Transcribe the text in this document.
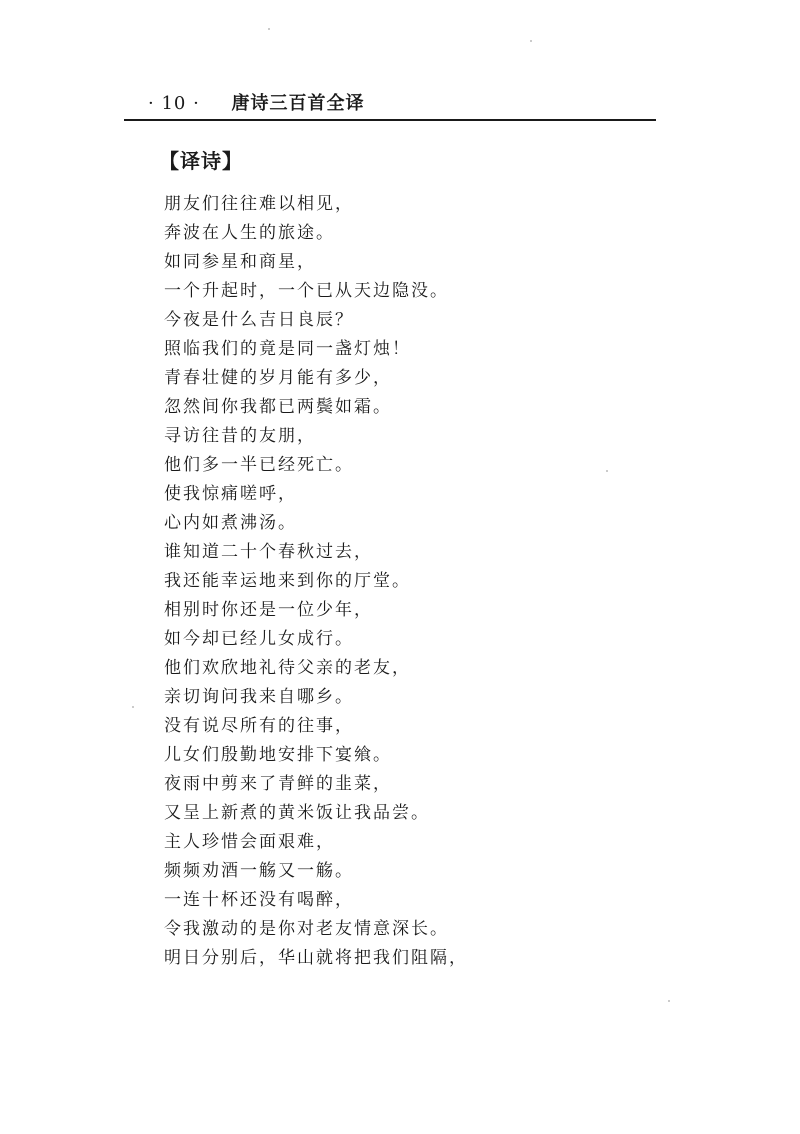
· 10 · 唐诗三百首全译
【译诗】
朋友们往往难以相见，
奔波在人生的旅途。
如同参星和商星，
一个升起时，一个已从天边隐没。
今夜是什么吉日良辰？
照临我们的竟是同一盏灯烛！
青春壮健的岁月能有多少，
忽然间你我都已两鬓如霜。
寻访往昔的友朋，
他们多一半已经死亡。
使我惊痛嗟呼，
心内如煮沸汤。
谁知道二十个春秋过去，
我还能幸运地来到你的厅堂。
相别时你还是一位少年，
如今却已经儿女成行。
他们欢欣地礼待父亲的老友，
亲切询问我来自哪乡。
没有说尽所有的往事，
儿女们殷勤地安排下宴飨。
夜雨中剪来了青鲜的韭菜，
又呈上新煮的黄米饭让我品尝。
主人珍惜会面艰难，
频频劝酒一觞又一觞。
一连十杯还没有喝醉，
令我激动的是你对老友情意深长。
明日分别后，华山就将把我们阻隔，
